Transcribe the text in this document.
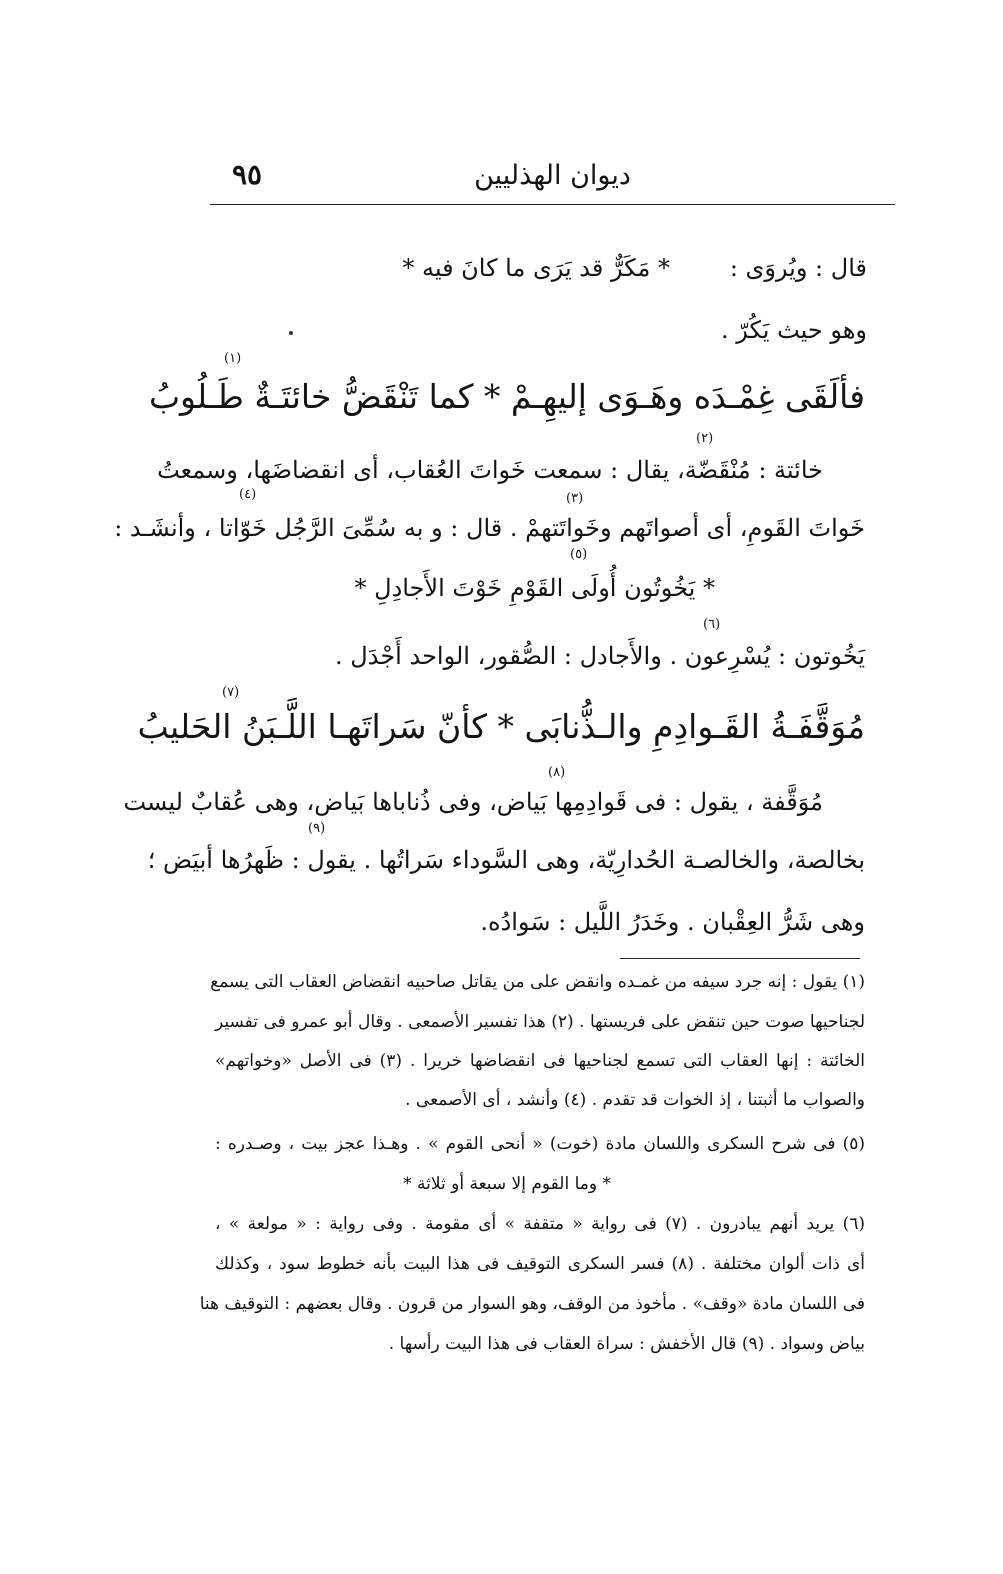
ديوان الهذليين
٩٥
قال : ويُروَى :
* مَكَرٌّ قد يَرَى ما كانَ فيه *
وهو حيث يَكُرّ .
(١)
فألَقَى غِمْـدَه وهَـوَى إليهِـمْ * كما تَنْقَضُّ خائتَـةٌ طَـلُوبُ
(٢)
خائتة : مُنْقَضّة، يقال : سمعت خَواتَ العُقاب، أى انقضاضَها، وسمعتُ
(٣)
(٤)
خَواتَ القَومِ، أى أصواتَهم وخَواتَتهمْ . قال : و به سُمِّىَ الرَّجُل خَوّاتا ، وأنشَـد :
(٥)
* يَخُوتُون أُولَى القَوْمِ خَوْتَ الأَجادِلِ *
(٦)
يَخُوتون : يُسْرِعون . والأَجادل : الصُّقور، الواحد أَجْدَل .
(٧)
مُوَقَّفَـةُ القَـوادِمِ والـذُّنابَى * كأنّ سَراتَهـا اللَّـبَنُ الحَليبُ
(٨)
مُوَقَّفة ، يقول : فى قَوادِمِها بَياض، وفى ذُناباها بَياض، وهى عُقابٌ ليست
(٩)
بخالصة، والخالصـة الحُدارِيّة، وهى السَّوداء سَراتُها . يقول : ظَهرُها أبيَض ؛
وهى شَرُّ العِقْبان . وخَدَرُ اللَّيل : سَوادُه.
(١) يقول : إنه جرد سيفه من غمـده وانقض على من يقاتل صاحبيه انقضاض العقاب التى يسمع
لجناحيها صوت حين تنقض على فريستها . (٢) هذا تفسير الأصمعى . وقال أبو عمرو فى تفسير
الخائتة : إنها العقاب التى تسمع لجناحيها فى انقضاضها خريرا . (٣) فى الأصل «وخواتهم»
والصواب ما أثبتنا ، إذ الخوات قد تقدم . (٤) وأنشد ، أى الأصمعى .
(٥) فى شرح السكرى واللسان مادة (خوت) « أنحى القوم » . وهـذا عجز بيت ، وصـدره :
* وما القوم إلا سبعة أو ثلاثة *
(٦) يريد أنهم يبادرون . (٧) فى رواية « متقفة » أى مقومة . وفى رواية : « مولعة » ،
أى ذات ألوان مختلفة . (٨) فسر السكرى التوقيف فى هذا البيت بأنه خطوط سود ، وكذلك
فى اللسان مادة «وقف» . مأخوذ من الوقف، وهو السوار من قرون . وقال بعضهم : التوقيف هنا
بياض وسواد . (٩) قال الأخفش : سراة العقاب فى هذا البيت رأسها .
